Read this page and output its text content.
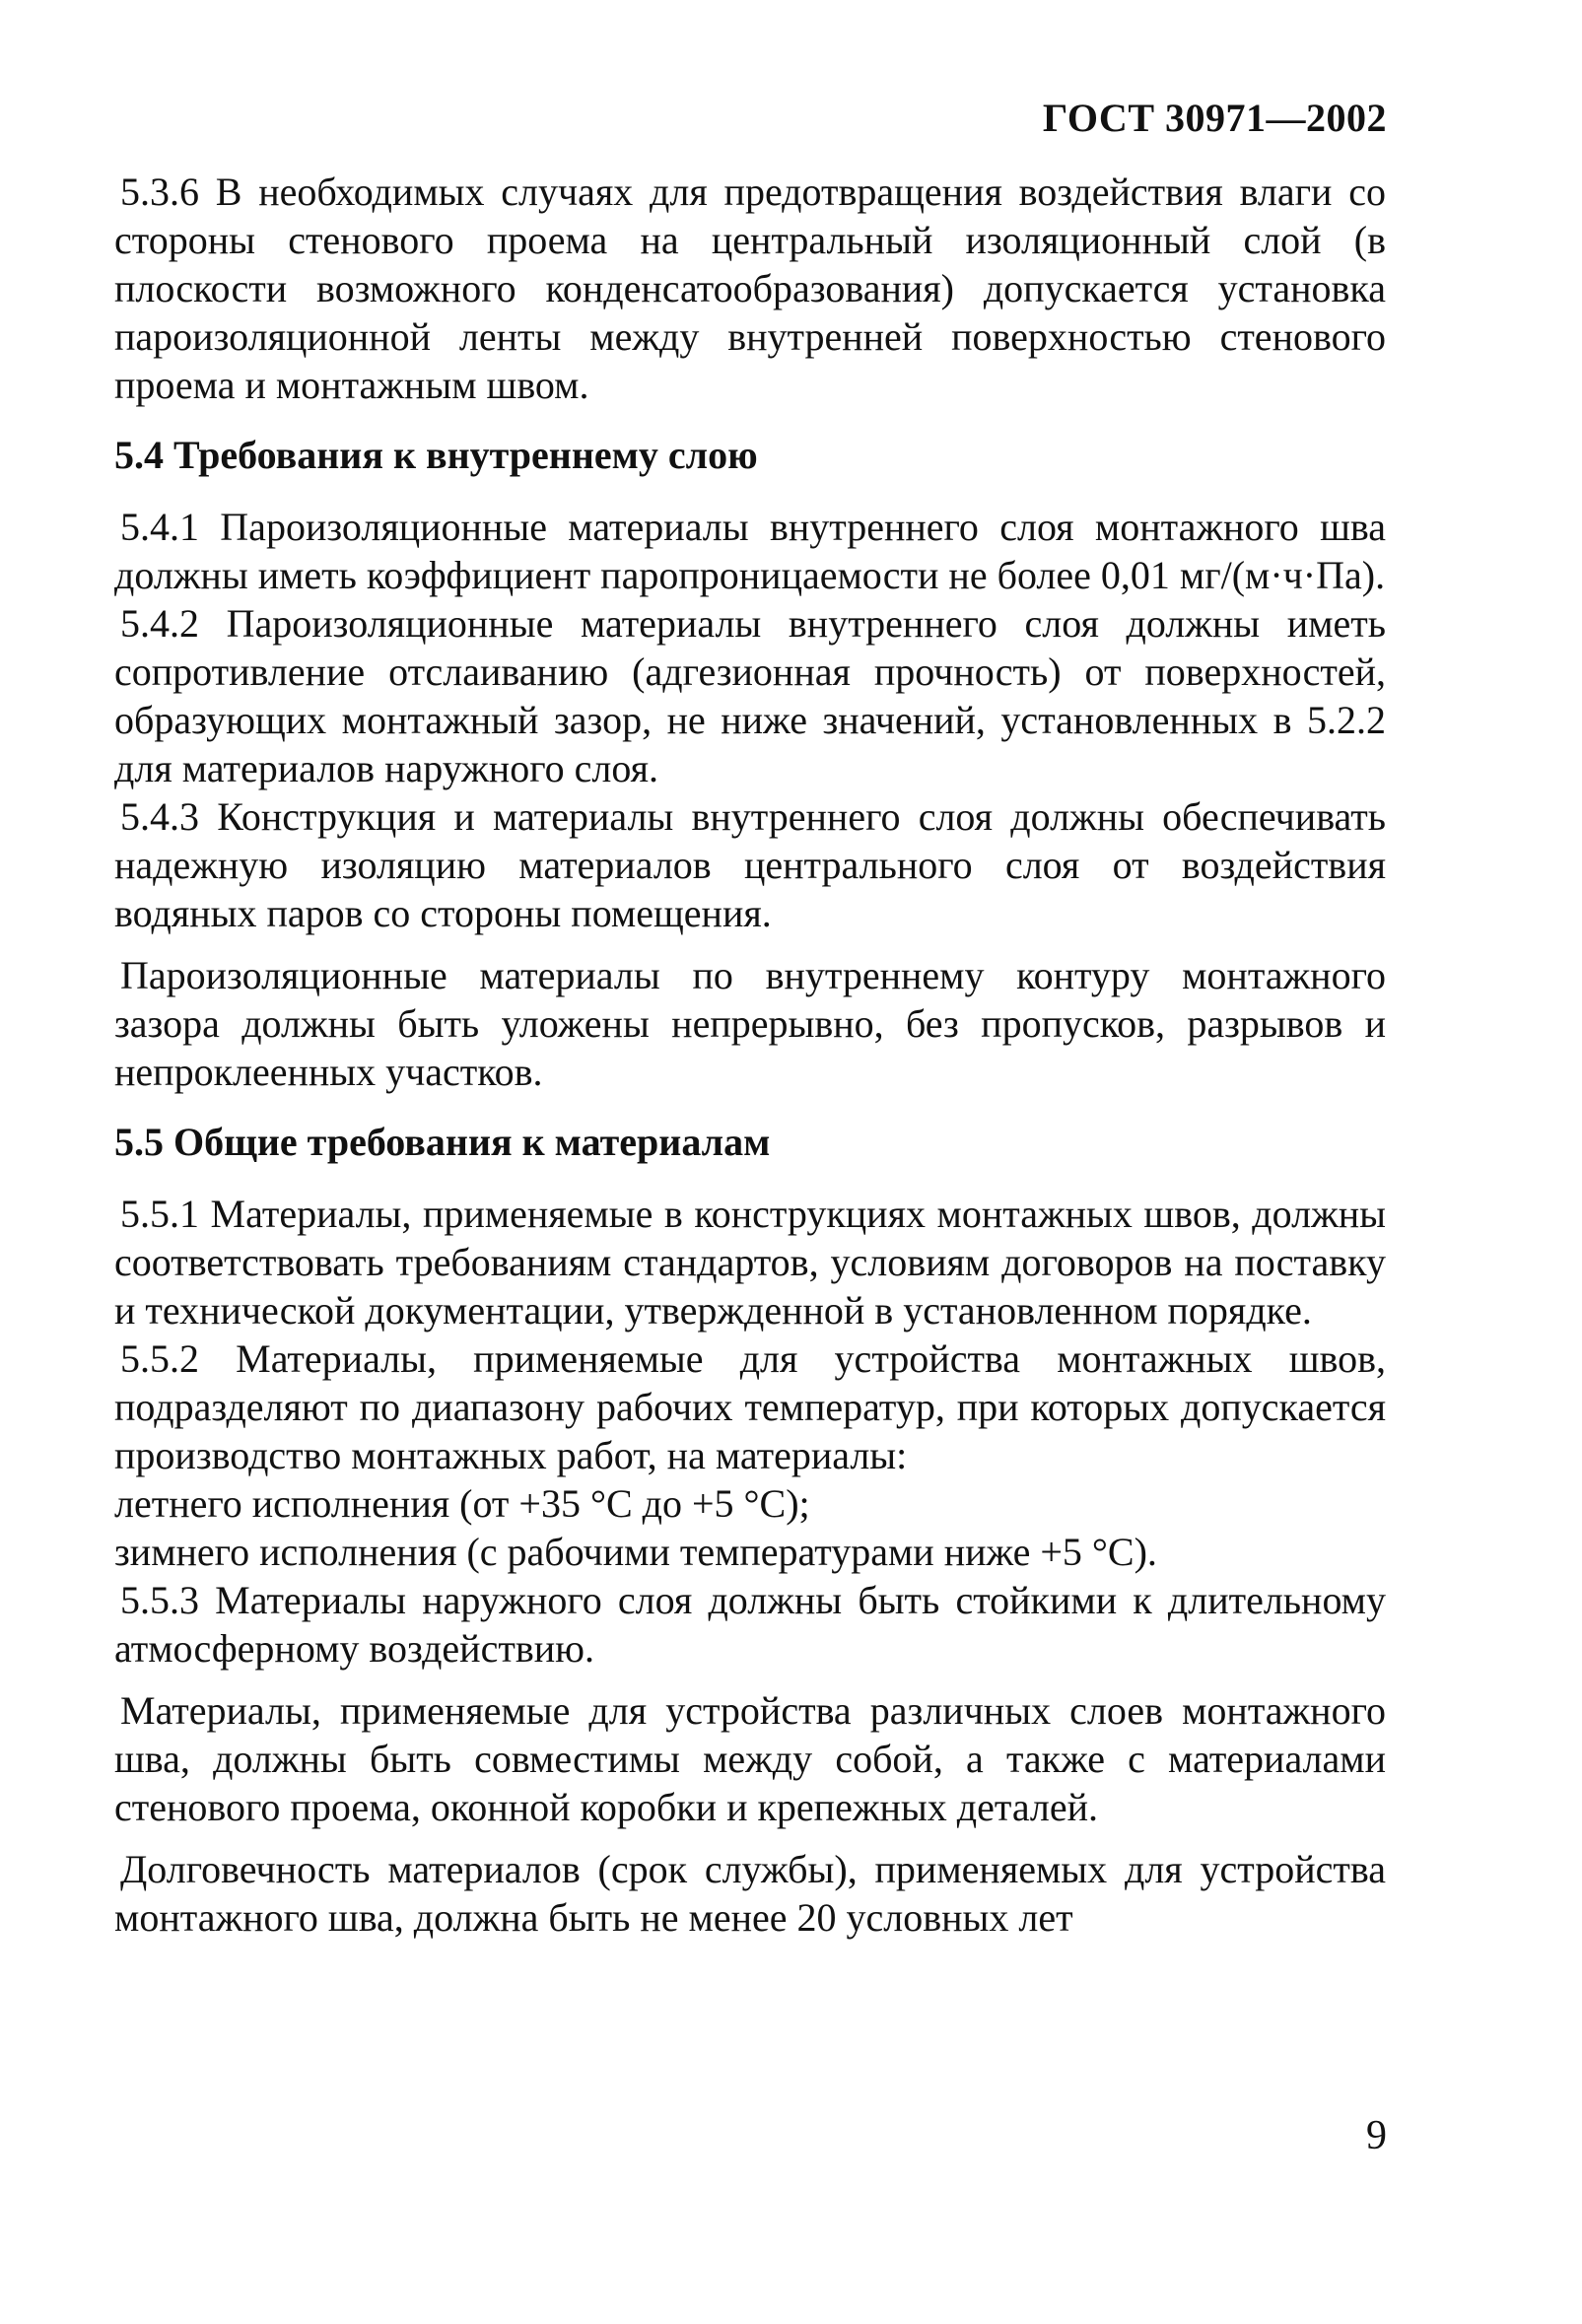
ГОСТ 30971—2002

5.3.6 В необходимых случаях для предотвращения воздействия влаги со стороны стенового проема на центральный изоляционный слой (в плоскости возможного конденсатообразования) допускается установка пароизоляционной ленты между внутренней поверхностью стенового проема и монтажным швом.

5.4 Требования к внутреннему слою

5.4.1 Пароизоляционные материалы внутреннего слоя монтажного шва должны иметь коэффициент паропроницаемости не более 0,01 мг/(м·ч·Па).

5.4.2 Пароизоляционные материалы внутреннего слоя должны иметь сопротивление отслаиванию (адгезионная прочность) от поверхностей, образующих монтажный зазор, не ниже значений, установленных в 5.2.2 для материалов наружного слоя.

5.4.3 Конструкция и материалы внутреннего слоя должны обеспечивать надежную изоляцию материалов центрального слоя от воздействия водяных паров со стороны помещения.

Пароизоляционные материалы по внутреннему контуру монтажного зазора должны быть уложены непрерывно, без пропусков, разрывов и непроклеенных участков.

5.5 Общие требования к материалам

5.5.1 Материалы, применяемые в конструкциях монтажных швов, должны соответствовать требованиям стандартов, условиям договоров на поставку и технической документации, утвержденной в установленном порядке.

5.5.2 Материалы, применяемые для устройства монтажных швов, подразделяют по диапазону рабочих температур, при которых допускается производство монтажных работ, на материалы:

летнего исполнения (от +35 °С до +5 °С);

зимнего исполнения (с рабочими температурами ниже +5 °С).

5.5.3 Материалы наружного слоя должны быть стойкими к длительному атмосферному воздействию.

Материалы, применяемые для устройства различных слоев монтажного шва, должны быть совместимы между собой, а также с материалами стенового проема, оконной коробки и крепежных деталей.

Долговечность материалов (срок службы), применяемых для устройства монтажного шва, должна быть не менее 20 условных лет

9
